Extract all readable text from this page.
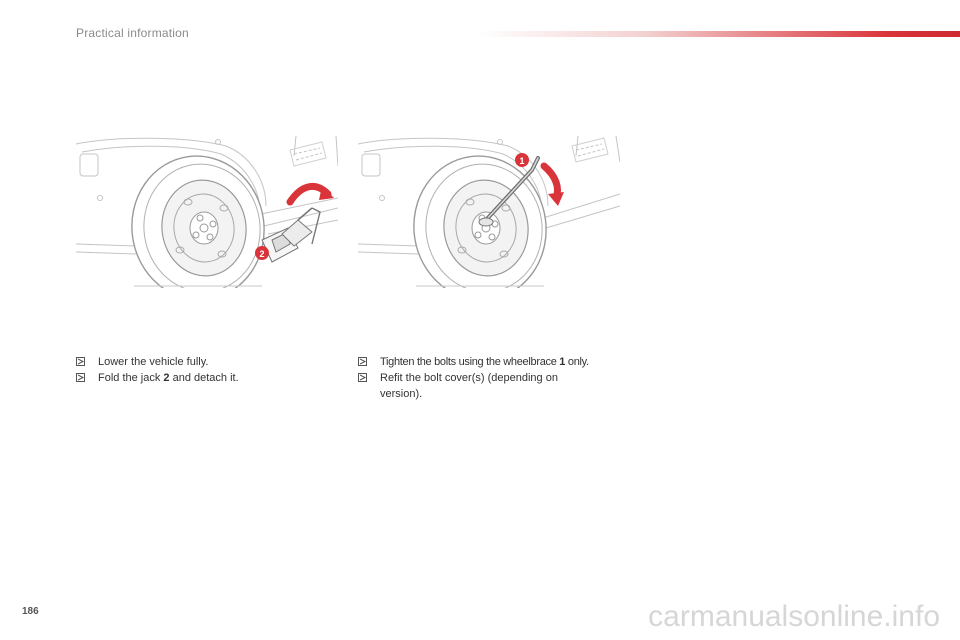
Practical information
2
1
Lower the vehicle fully.
Fold the jack 2 and detach it.
Tighten the bolts using the wheelbrace 1 only.
Refit the bolt cover(s) (depending on version).
186	carmanualsonline.info
